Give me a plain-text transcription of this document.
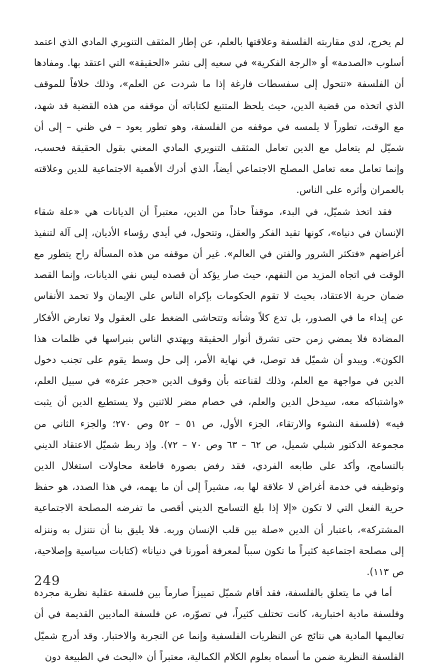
لم يخرج، لدى مقاربته الفلسفة وعلاقتها بالعلم، عن إطار المثقف التنويري المادي الذي اعتمد أسلوب «الصدمة» أو «الرجة الفكرية» في سعيه إلى نشر «الحقيقة» التي اعتقد بها. ومفادها أن الفلسفة «تتحول إلى سفسطات فارغة إذا ما شردت عن العلم»، وذلك خلافاً للموقف الذي اتخذه من قضية الدين، حيث يلحظ المتتبع لكتاباته أن موقفه من هذه القضية قد شهد، مع الوقت، تطوراً لا يلمسه في موقفه من الفلسفة، وهو تطور يعود – في ظني – إلى أن شميّل لم يتعامل مع الدين تعامل المثقف التنويري المادي المعني بقول الحقيقة فحسب، وإنما تعامل معه تعامل المصلح الاجتماعي أيضاً، الذي أدرك الأهمية الاجتماعية للدين وعلاقته بالعمران وأثره على الناس.

فقد اتخذ شميّل، في البدء، موقفاً حاداً من الدين، معتبراً أن الديانات هي «علة شقاء الإنسان في دنياه»، كونها تقيد الفكر والعقل، وتتحول، في أيدي رؤساء الأديان، إلى آلة لتنفيذ أغراضهم «فتكثر الشرور والفتن في العالم». غير أن موقفه من هذه المسألة راح يتطور مع الوقت في اتجاه المزيد من التفهم، حيث صار يؤكد أن قصده ليس نفي الديانات، وإنما القصد ضمان حرية الاعتقاد، بحيث لا تقوم الحكومات بإكراه الناس على الإيمان ولا تحمد الأنفاس عن إبداء ما في الصدور، بل تدع كلاً وشأنه وتتحاشى الضغط على العقول ولا تعارض الأفكار المضادة فلا يمضي زمن حتى تشرق أنوار الحقيقة ويهتدي الناس بنبراسها في ظلمات هذا الكون». ويبدو أن شميّل قد توصل، في نهاية الأمر، إلى حل وسط يقوم على تجنب دخول الدين في مواجهة مع العلم، وذلك لقناعته بأن وقوف الدين «حجر عثرة» في سبيل العلم، «واشتباكه معه، سيدخل الدين والعلم، في خصام مضر للاثنين ولا يستطيع الدين أن يثبت فيه» (فلسفة النشوء والارتقاء، الجزء الأول، ص ٥١ – ٥٢ وص ٢٧٠؛ والجزء الثاني من مجموعة الدكتور شبلي شميل، ص ٦٢ – ٦٣ وص ٧٠ – ٧٢). وإذ ربط شميّل الاعتقاد الديني بالتسامح، وأكد على طابعه الفردي، فقد رفض بصورة قاطعة محاولات استغلال الدين وتوظيفه في خدمة أغراض لا علاقة لها به، مشيراً إلى أن ما يهمه، في هذا الصدد، هو حفظ حرية الفعل التي لا تكون «إلا إذا بلغ التسامح الديني أقصى ما تفرضه المصلحة الاجتماعية المشتركة»، باعتبار أن الدين «صلة بين قلب الإنسان وربه. فلا يليق بنا أن نتنزل به وننزله إلى مصلحة اجتماعية كثيراً ما تكون سبباً لمعرفة أمورنا في دنيانا» (كتابات سياسية وإصلاحية، ص ١١٣).

أما في ما يتعلق بالفلسفة، فقد أقام شميّل تمييزاً صارماً بين فلسفة عقلية نظرية مجردة وفلسفة مادية اختبارية، كانت تختلف كثيراً، في تصوّره، عن فلسفة الماديين القديمة في أن تعاليمها المادية هي نتائج عن النظريات الفلسفية وإنما عن التجربة والاختبار. وقد أدرج شميّل الفلسفة النظرية ضمن ما أسماه بعلوم الكلام الكمالية، معتبراً أن «البحث في الطبيعة دون

249
